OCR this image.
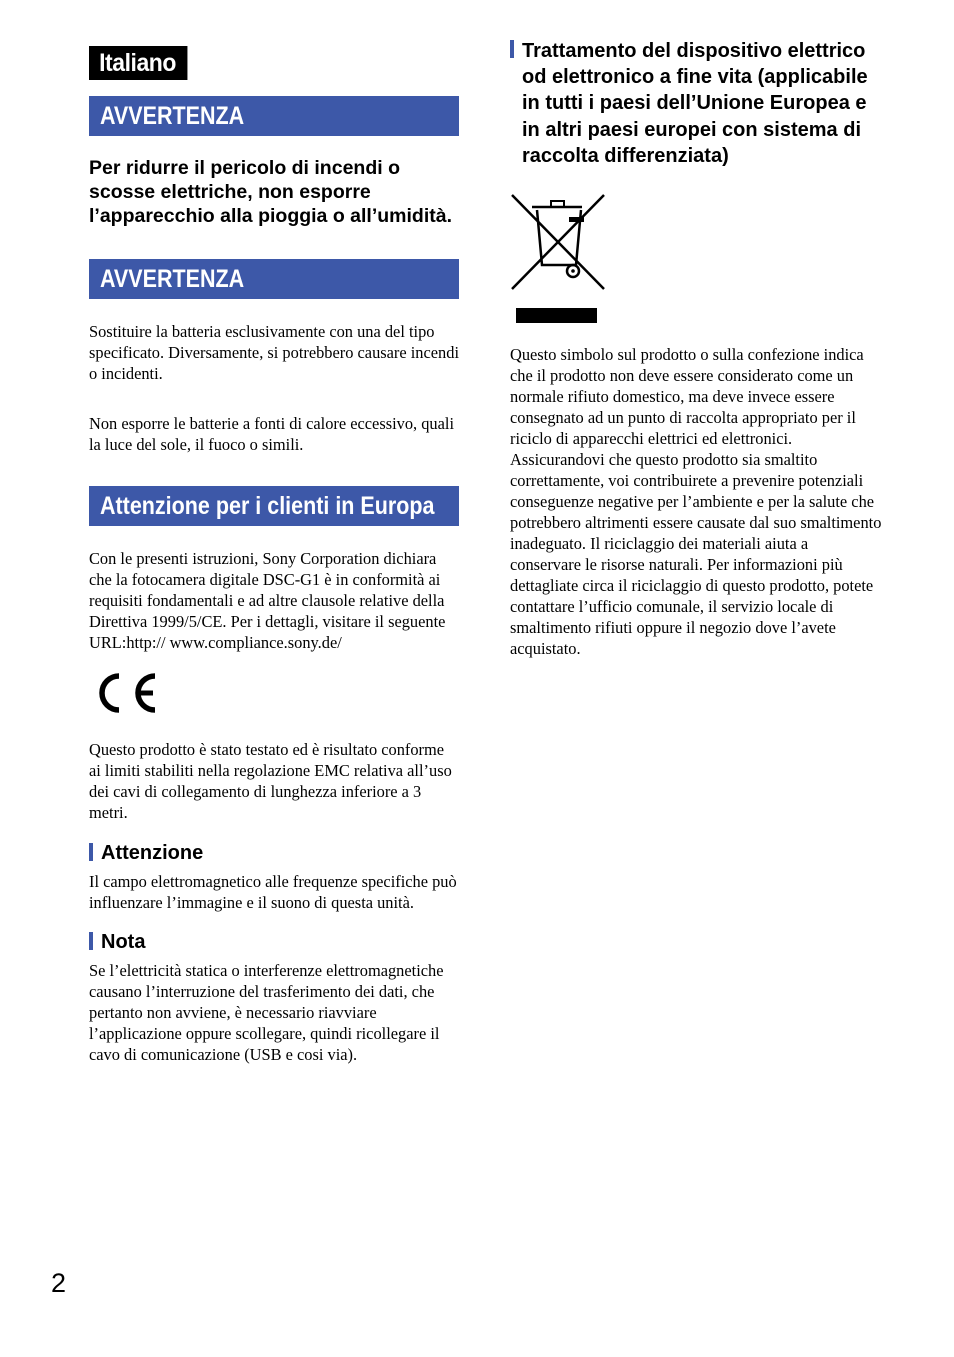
Italiano
AVVERTENZA

Per ridurre il pericolo di incendi o scosse elettriche, non esporre l’apparecchio alla pioggia o all’umidità.

AVVERTENZA

Sostituire la batteria esclusivamente con una del tipo specificato. Diversamente, si potrebbero causare incendi o incidenti.

Non esporre le batterie a fonti di calore eccessivo, quali la luce del sole, il fuoco o simili.

Attenzione per i clienti in Europa

Con le presenti istruzioni, Sony Corporation dichiara che la fotocamera digitale DSC-G1 è in conformità ai requisiti fondamentali e ad altre clausole relative della Direttiva 1999/5/CE. Per i dettagli, visitare il seguente URL:http:// www.compliance.sony.de/

Questo prodotto è stato testato ed è risultato conforme ai limiti stabiliti nella regolazione EMC relativa all’uso dei cavi di collegamento di lunghezza inferiore a 3 metri.

Attenzione

Il campo elettromagnetico alle frequenze specifiche può influenzare l’immagine e il suono di questa unità.

Nota

Se l’elettricità statica o interferenze elettromagnetiche causano l’interruzione del trasferimento dei dati, che pertanto non avviene, è necessario riavviare l’applicazione oppure scollegare, quindi ricollegare il cavo di comunicazione (USB e cosi via).

Trattamento del dispositivo elettrico od elettronico a fine vita (applicabile in tutti i paesi dell’Unione Europea e in altri paesi europei con sistema di raccolta differenziata)

Questo simbolo sul prodotto o sulla confezione indica che il prodotto non deve essere considerato come un normale rifiuto domestico, ma deve invece essere consegnato ad un punto di raccolta appropriato per il riciclo di apparecchi elettrici ed elettronici. Assicurandovi che questo prodotto sia smaltito correttamente, voi contribuirete a prevenire potenziali conseguenze negative per l’ambiente e per la salute che potrebbero altrimenti essere causate dal suo smaltimento inadeguato. Il riciclaggio dei materiali aiuta a conservare le risorse naturali. Per informazioni più dettagliate circa il riciclaggio di questo prodotto, potete contattare l’ufficio comunale, il servizio locale di smaltimento rifiuti oppure il negozio dove l’avete acquistato.

2
